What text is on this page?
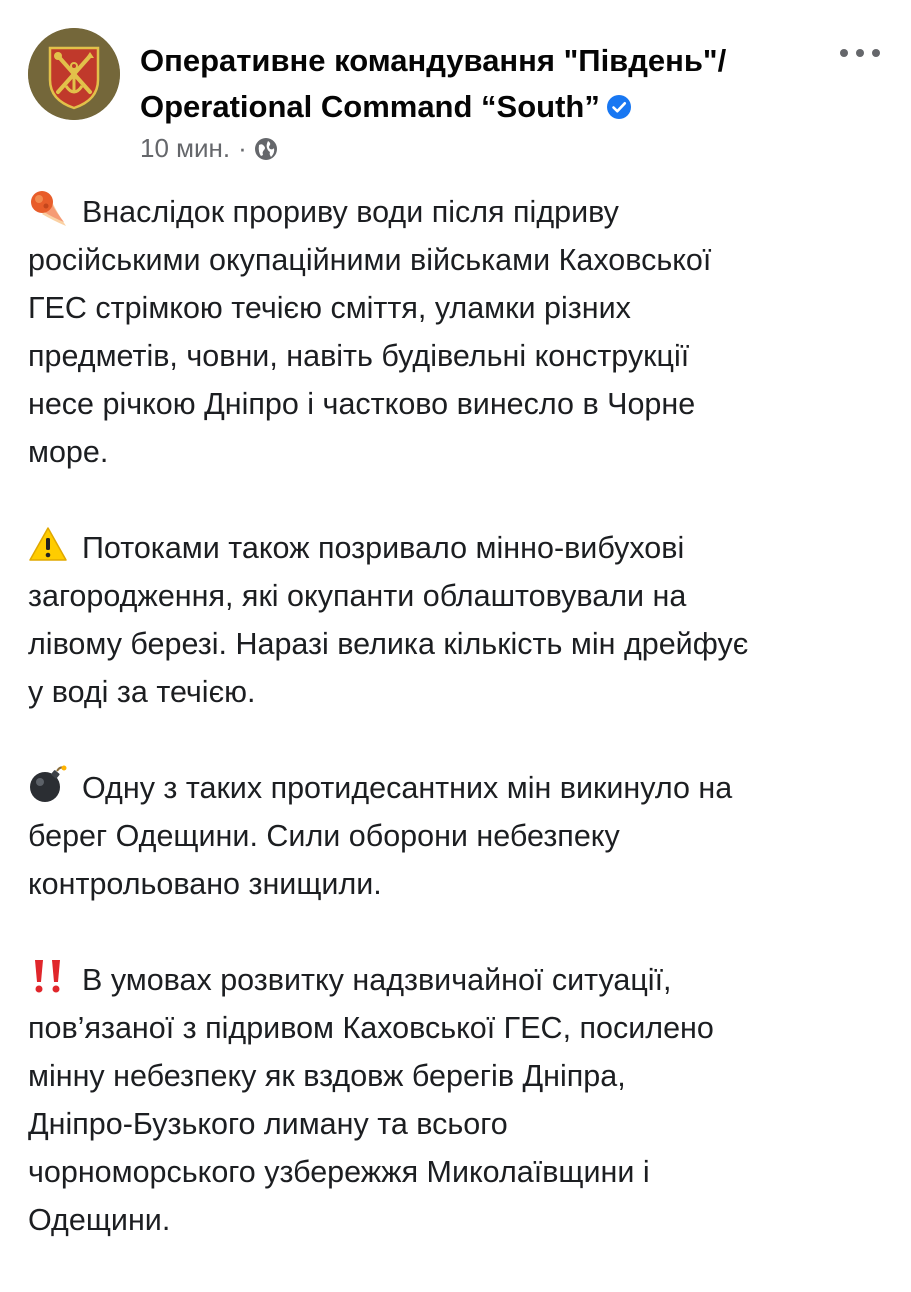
Оперативне командування "Південь"/
Operational Command “South”
10 мин. ·

Внаслідок прориву води після підриву
російськими окупаційними військами Каховської
ГЕС стрімкою течією сміття, уламки різних
предметів, човни, навіть будівельні конструкції
несе річкою Дніпро і частково винесло в Чорне
море.

Потоками також позривало мінно-вибухові
загородження, які окупанти облаштовували на
лівому березі. Наразі велика кількість мін дрейфує
у воді за течією.

Одну з таких протидесантних мін викинуло на
берег Одещини. Сили оборони небезпеку
контрольовано знищили.

В умовах розвитку надзвичайної ситуації,
пов’язаної з підривом Каховської ГЕС, посилено
мінну небезпеку як вздовж берегів Дніпра,
Дніпро-Бузького лиману та всього
чорноморського узбережжя Миколаївщини і
Одещини.
